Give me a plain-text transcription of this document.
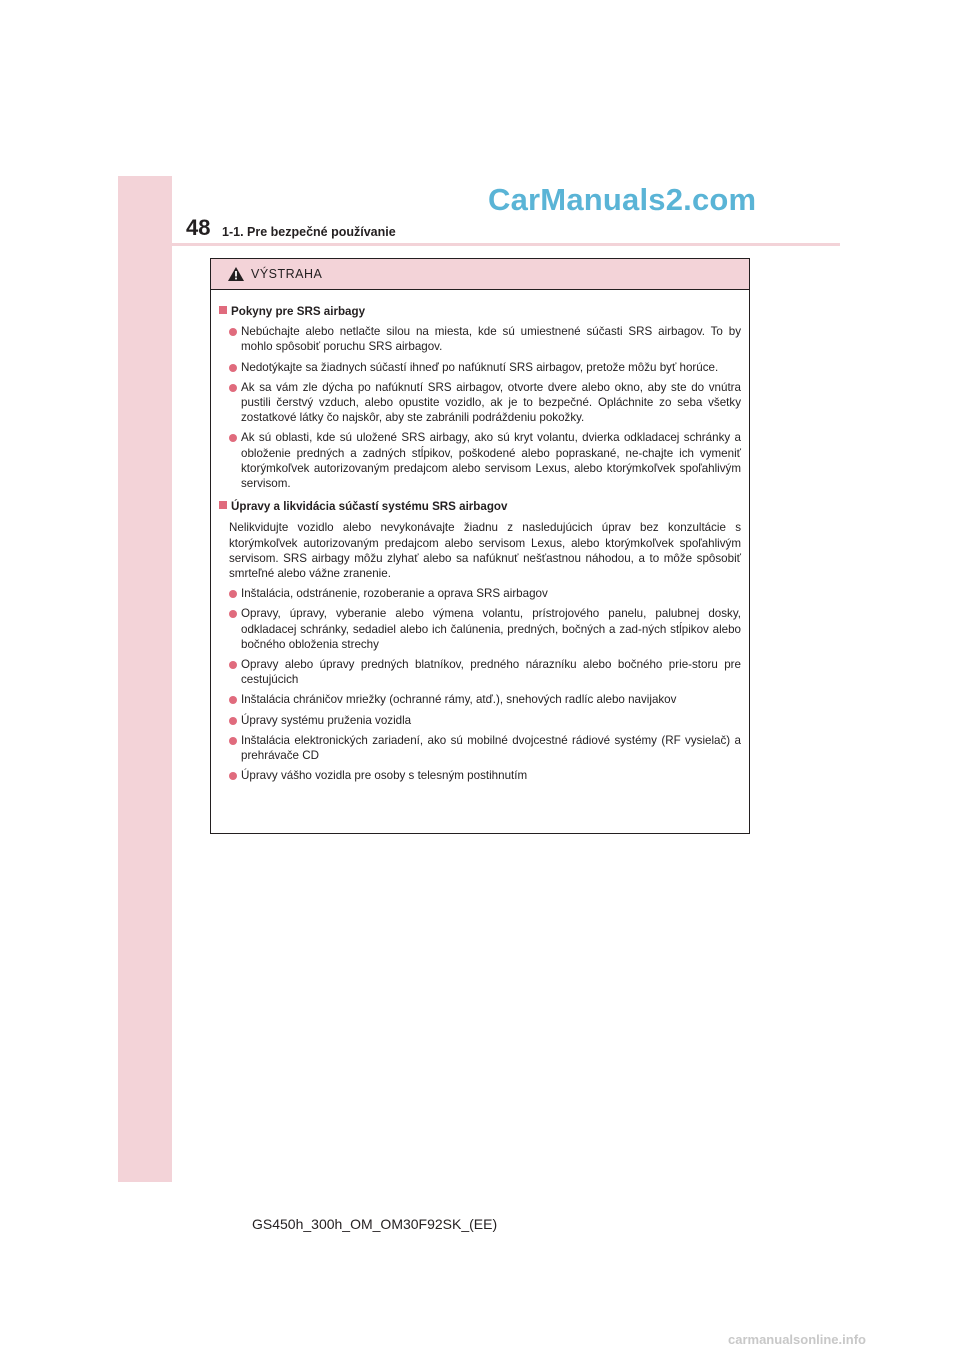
CarManuals2.com
48 1-1. Pre bezpečné používanie
VÝSTRAHA
Pokyny pre SRS airbagy
Nebúchajte alebo netlačte silou na miesta, kde sú umiestnené súčasti SRS airbagov. To by mohlo spôsobiť poruchu SRS airbagov.
Nedotýkajte sa žiadnych súčastí ihneď po nafúknutí SRS airbagov, pretože môžu byť horúce.
Ak sa vám zle dýcha po nafúknutí SRS airbagov, otvorte dvere alebo okno, aby ste do vnútra pustili čerstvý vzduch, alebo opustite vozidlo, ak je to bezpečné. Opláchnite zo seba všetky zostatkové látky čo najskôr, aby ste zabránili podráždeniu pokožky.
Ak sú oblasti, kde sú uložené SRS airbagy, ako sú kryt volantu, dvierka odkladacej schránky a obloženie predných a zadných stĺpikov, poškodené alebo popraskané, ne-chajte ich vymeniť ktorýmkoľvek autorizovaným predajcom alebo servisom Lexus, alebo ktorýmkoľvek spoľahlivým servisom.
Úpravy a likvidácia súčastí systému SRS airbagov
Nelikvidujte vozidlo alebo nevykonávajte žiadnu z nasledujúcich úprav bez konzultácie s ktorýmkoľvek autorizovaným predajcom alebo servisom Lexus, alebo ktorýmkoľvek spoľahlivým servisom. SRS airbagy môžu zlyhať alebo sa nafúknuť nešťastnou náhodou, a to môže spôsobiť smrteľné alebo vážne zranenie.
Inštalácia, odstránenie, rozoberanie a oprava SRS airbagov
Opravy, úpravy, vyberanie alebo výmena volantu, prístrojového panelu, palubnej dosky, odkladacej schránky, sedadiel alebo ich čalúnenia, predných, bočných a zad-ných stĺpikov alebo bočného obloženia strechy
Opravy alebo úpravy predných blatníkov, predného nárazníku alebo bočného prie-storu pre cestujúcich
Inštalácia chráničov mriežky (ochranné rámy, atď.), snehových radlíc alebo navijakov
Úpravy systému pruženia vozidla
Inštalácia elektronických zariadení, ako sú mobilné dvojcestné rádiové systémy (RF vysielač) a prehrávače CD
Úpravy vášho vozidla pre osoby s telesným postihnutím
GS450h_300h_OM_OM30F92SK_(EE)
carmanualsonline.info
